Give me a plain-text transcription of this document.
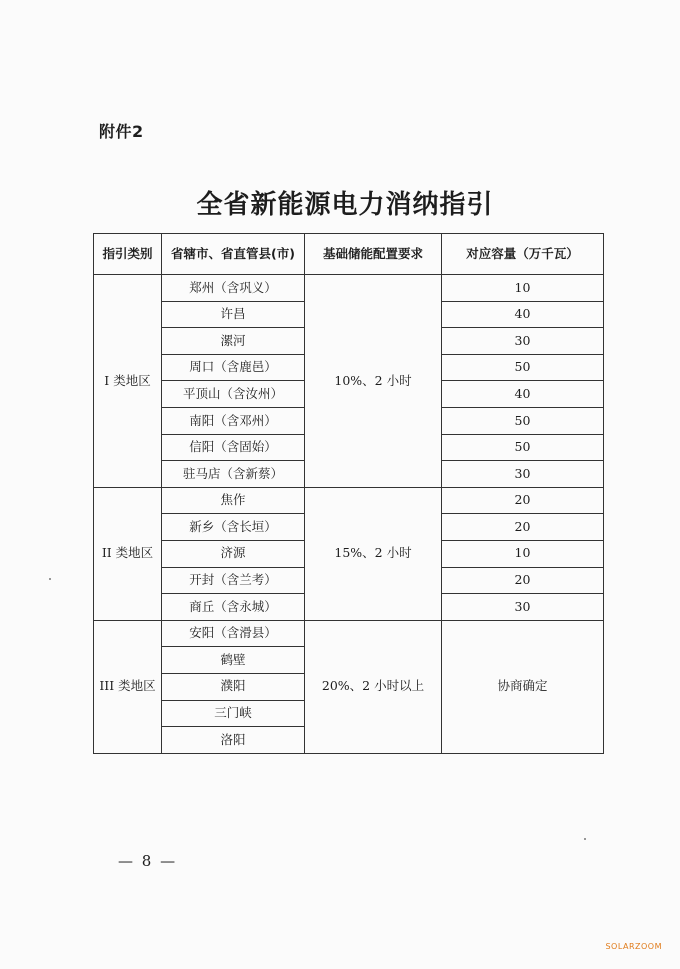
附件2
全省新能源电力消纳指引
指引类别	省辖市、省直管县(市)	基础储能配置要求	对应容量（万千瓦）
I 类地区	郑州（含巩义）	10%、2 小时	10
	许昌		40
	漯河		30
	周口（含鹿邑）		50
	平顶山（含汝州）		40
	南阳（含邓州）		50
	信阳（含固始）		50
	驻马店（含新蔡）		30
II 类地区	焦作	15%、2 小时	20
	新乡（含长垣）		20
	济源		10
	开封（含兰考）		20
	商丘（含永城）		30
III 类地区	安阳（含滑县）	20%、2 小时以上	协商确定
	鹤壁		
	濮阳		
	三门峡		
	洛阳		
— 8 —
SOLARZOOM
